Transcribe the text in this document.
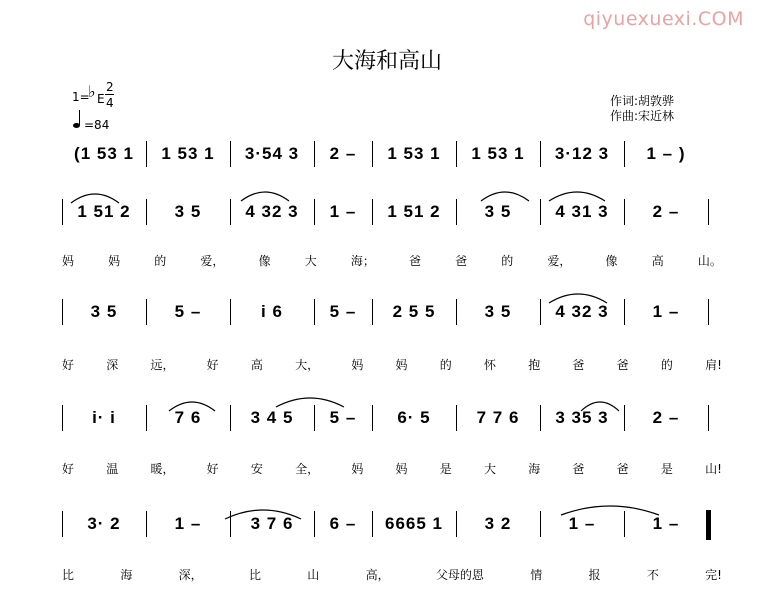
qiyuexuexi.COM
大海和高山
1=
♭ E
2
4
=84
作词:胡敦骅
作曲:宋近林
(1 53 1	1 53 1	3·54 3	2 –	1 53 1	1 53 1	3·12 3	1 – )
1 51 2	3 5	4 32 3	1 –	1 51 2	3 5	4 31 3	2 –
妈	妈	的	爱，	像	大	海；	爸	爸	的	爱，	像	高	山。
3 5	5 –	i 6	5 –	2 5 5	3 5	4 32 3	1 –
好	深	远，	好	高	大，	妈	妈	的	怀	抱	爸	爸	的	肩!
i· i	7 6	3 4 5	5 –	6· 5	7 7 6	3 35 3	2 –
好	温	暖，	好	安	全，	妈	妈	是	大	海	爸	爸	是	山!
3· 2	1 –	3 7 6	6 –	6665 1	3 2	1 –	1 –
比	海	深，	比	山	高，	父母的恩	情	报	不	完!
